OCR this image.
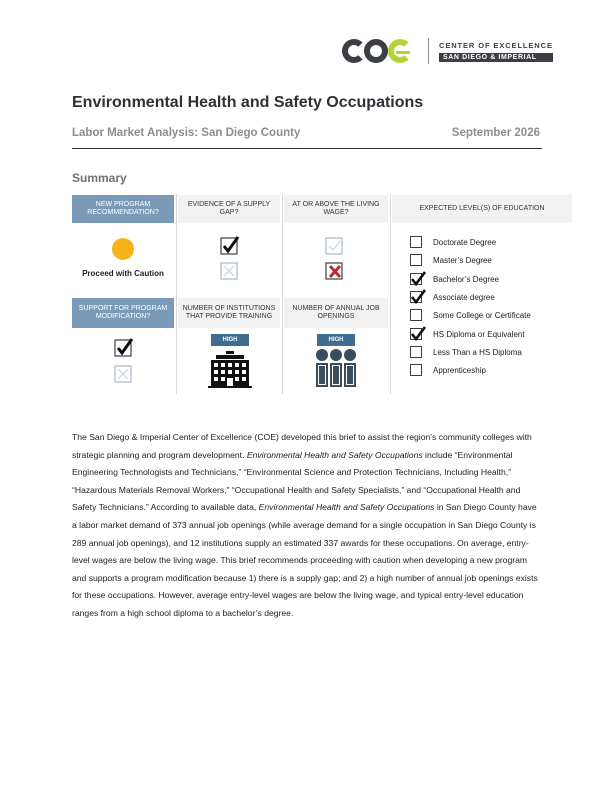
CENTER OF EXCELLENCE
SAN DIEGO & IMPERIAL
Environmental Health and Safety Occupations
Labor Market Analysis: San Diego County	September 2026
Summary
NEW PROGRAM RECOMMENDATION?
EVIDENCE OF A SUPPLY GAP?
AT OR ABOVE THE LIVING WAGE?
EXPECTED LEVEL(S) OF EDUCATION
Proceed with Caution
SUPPORT FOR PROGRAM MODIFICATION?
NUMBER OF INSTITUTIONS THAT PROVIDE TRAINING
NUMBER OF ANNUAL JOB OPENINGS
HIGH	HIGH
Doctorate Degree
Master’s Degree
Bachelor’s Degree
Associate degree
Some College or Certificate
HS Diploma or Equivalent
Less Than a HS Diploma
Apprenticeship
The San Diego & Imperial Center of Excellence (COE) developed this brief to assist the region’s community colleges with strategic planning and program development. Environmental Health and Safety Occupations include “Environmental Engineering Technologists and Technicians,” “Environmental Science and Protection Technicians, Including Health,” “Hazardous Materials Removal Workers,” “Occupational Health and Safety Specialists,” and “Occupational Health and Safety Technicians.” According to available data, Environmental Health and Safety Occupations in San Diego County have a labor market demand of 373 annual job openings (while average demand for a single occupation in San Diego County is 289 annual job openings), and 12 institutions supply an estimated 337 awards for these occupations. On average, entry-level wages are below the living wage. This brief recommends proceeding with caution when developing a new program and supports a program modification because 1) there is a supply gap; and 2) a high number of annual job openings exists for these occupations. However, average entry-level wages are below the living wage, and typical entry-level education ranges from a high school diploma to a bachelor’s degree.
